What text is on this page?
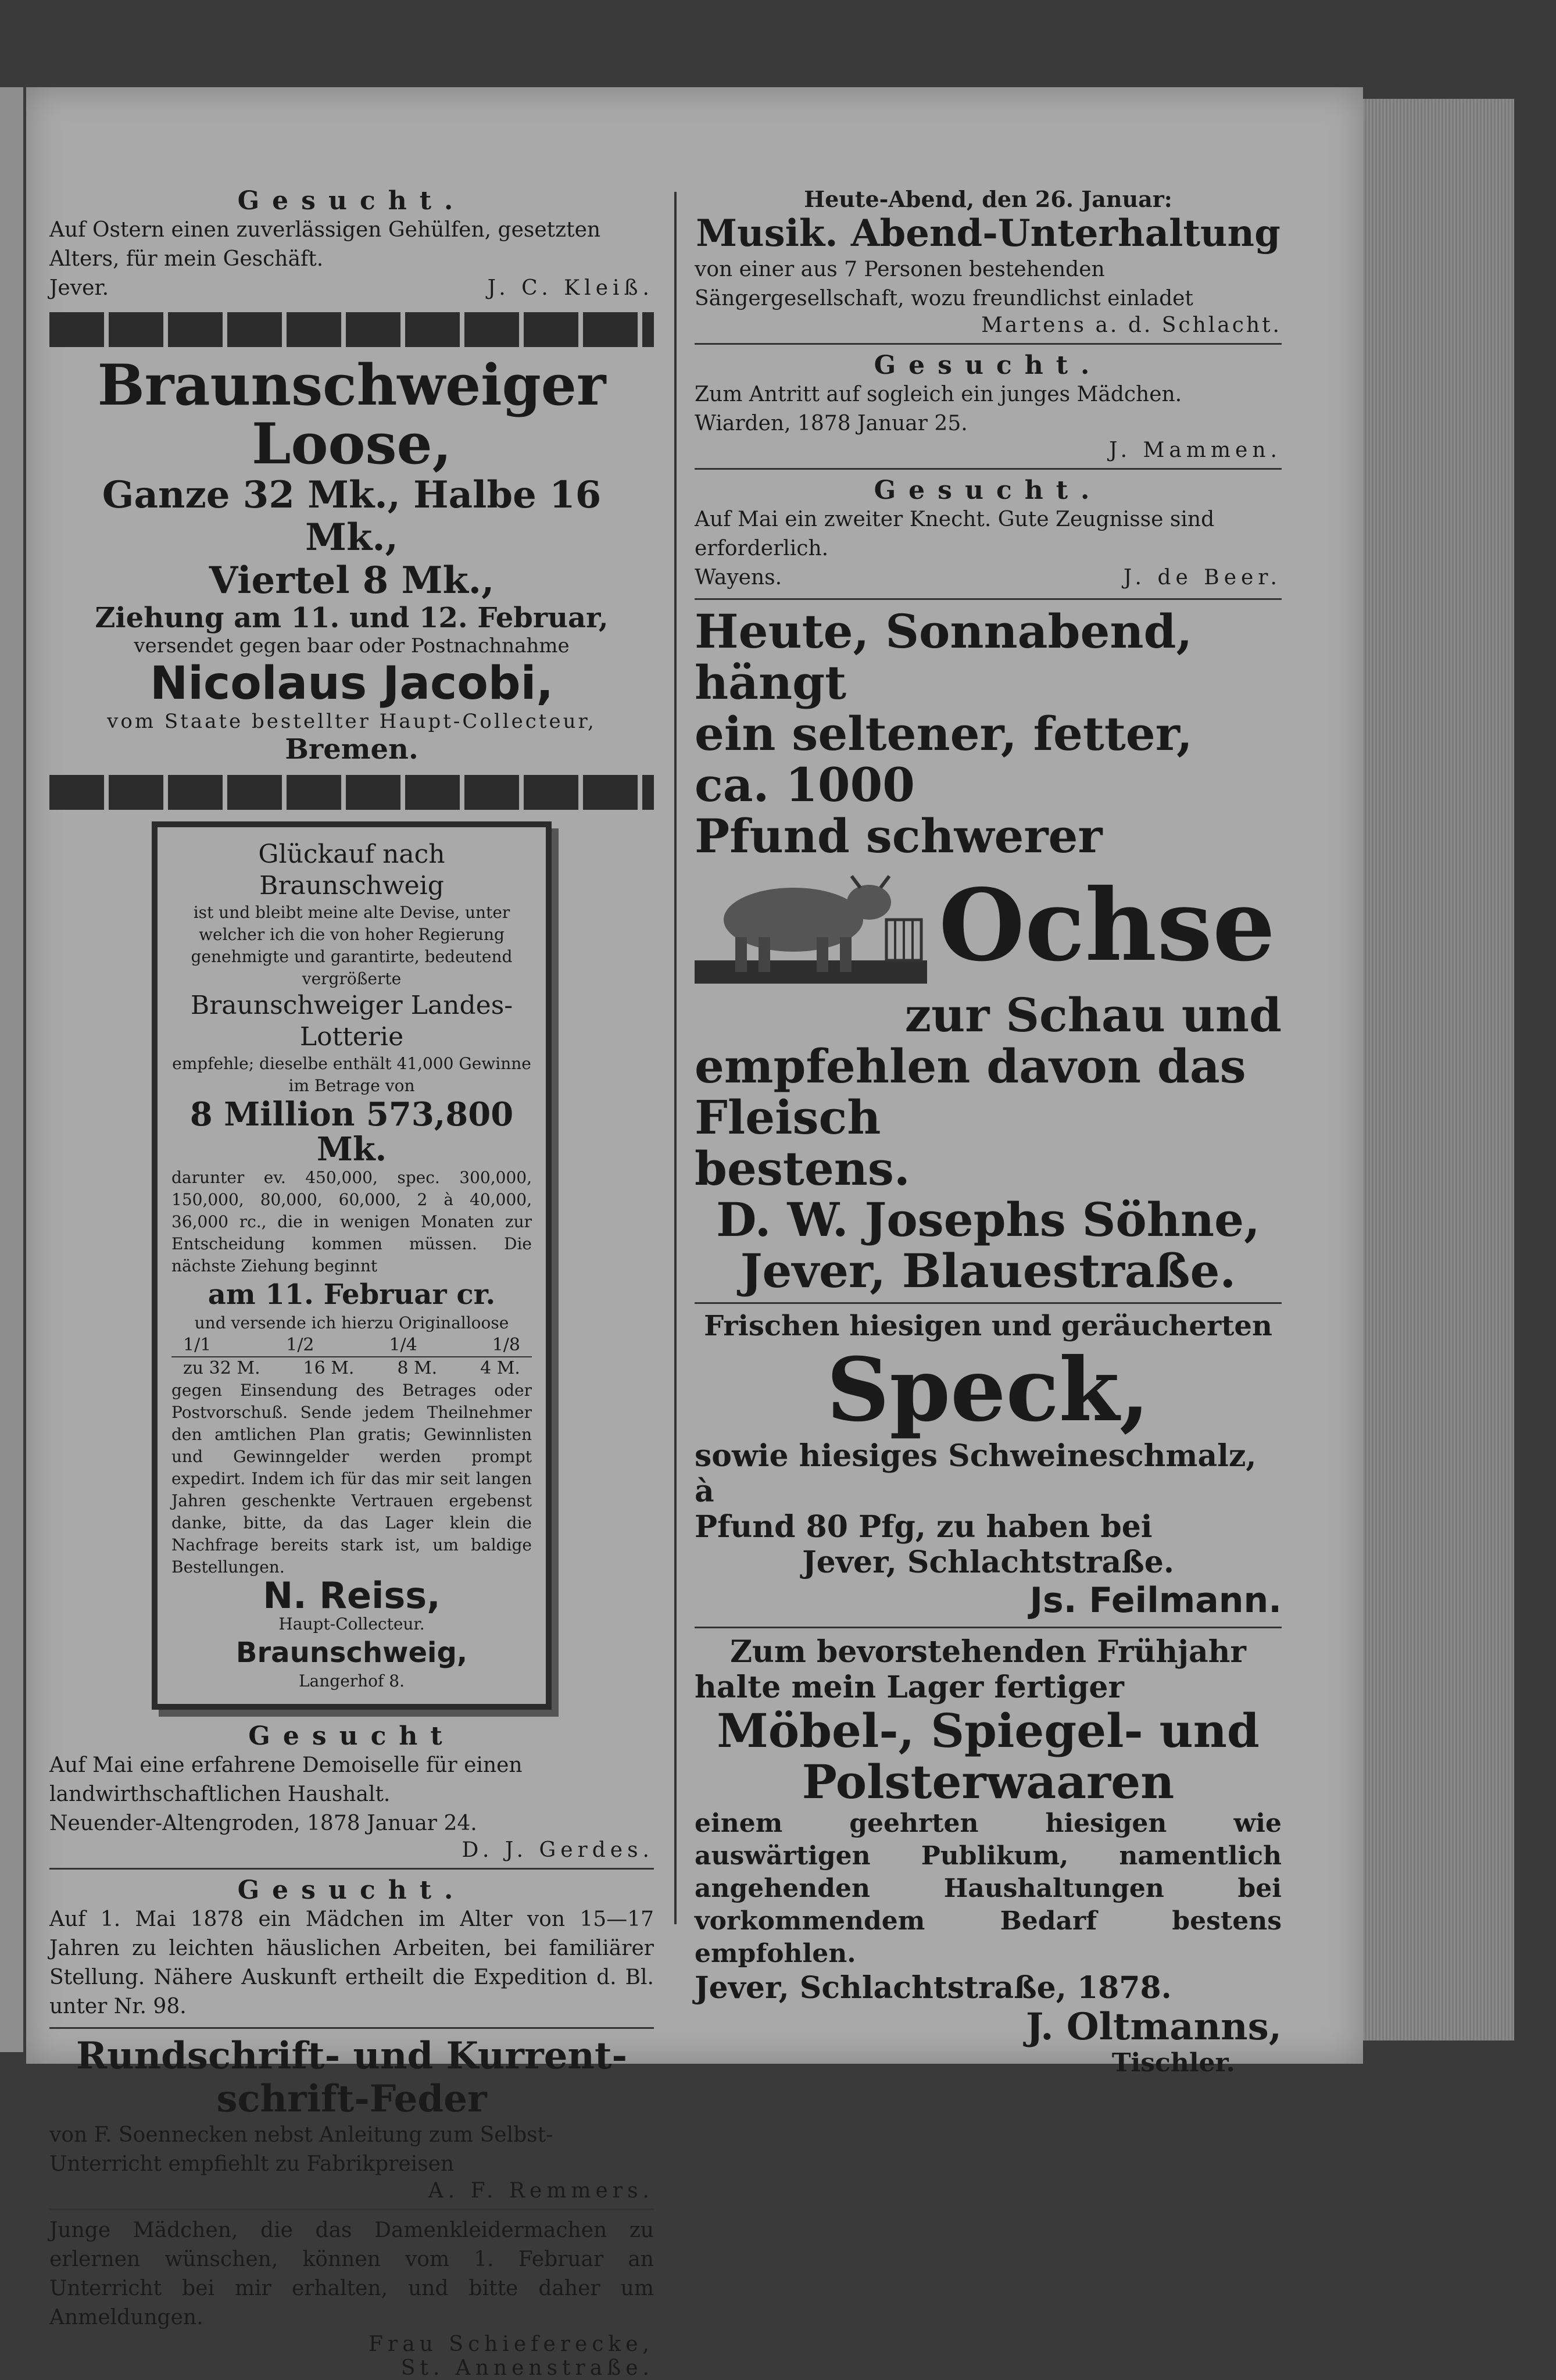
Gesucht.
Auf Ostern einen zuverlässigen Gehülfen, gesetzten Alters, für mein Geschäft.
Jever.	J. C. Kleiß.
Braunschweiger Loose,
Ganze 32 Mk., Halbe 16 Mk.,
Viertel 8 Mk.,
Ziehung am 11. und 12. Februar,
versendet gegen baar oder Postnachnahme
Nicolaus Jacobi,
vom Staate bestellter Haupt-Collecteur,
Bremen.
Glückauf nach Braunschweig
ist und bleibt meine alte Devise, unter welcher ich die von hoher Regierung genehmigte und garantirte, bedeutend vergrößerte
Braunschweiger Landes-Lotterie
empfehle; dieselbe enthält 41,000 Gewinne im Betrage von
8 Million 573,800 Mk.
darunter ev. 450,000, spec. 300,000, 150,000, 80,000, 60,000, 2 à 40,000, 36,000 rc., die in wenigen Monaten zur Entscheidung kommen müssen. Die nächste Ziehung beginnt
am 11. Februar cr.
und versende ich hierzu Originalloose
1/1	1/2	1/4	1/8
zu 32 M. 16 M. 8 M. 4 M.
gegen Einsendung des Betrages oder Postvorschuß. Sende jedem Theilnehmer den amtlichen Plan gratis; Gewinnlisten und Gewinngelder werden prompt expedirt. Indem ich für das mir seit langen Jahren geschenkte Vertrauen ergebenst danke, bitte, da das Lager klein die Nachfrage bereits stark ist, um baldige Bestellungen.
N. Reiss,
Haupt-Collecteur.
Braunschweig,
Langerhof 8.
Gesucht
Auf Mai eine erfahrene Demoiselle für einen landwirthschaftlichen Haushalt.
Neuender-Altengroden, 1878 Januar 24.
D. J. Gerdes.
Gesucht.
Auf 1. Mai 1878 ein Mädchen im Alter von 15—17 Jahren zu leichten häuslichen Arbeiten, bei familiärer Stellung. Nähere Auskunft ertheilt die Expedition d. Bl. unter Nr. 98.
Rundschrift- und Kurrent-
schrift-Feder
von F. Soennecken nebst Anleitung zum Selbst-Unterricht empfiehlt zu Fabrikpreisen
A. F. Remmers.
Junge Mädchen, die das Damenkleidermachen zu erlernen wünschen, können vom 1. Februar an Unterricht bei mir erhalten, und bitte daher um Anmeldungen.
Frau Schieferecke,
St. Annenstraße.
Heute-Abend, den 26. Januar:
Musik. Abend-Unterhaltung
von einer aus 7 Personen bestehenden Sängergesellschaft, wozu freundlichst einladet
Martens a. d. Schlacht.
Gesucht.
Zum Antritt auf sogleich ein junges Mädchen.
Wiarden, 1878 Januar 25.
J. Mammen.
Gesucht.
Auf Mai ein zweiter Knecht. Gute Zeugnisse sind erforderlich.
Wayens.	J. de Beer.
Heute, Sonnabend, hängt
ein seltener, fetter, ca. 1000
Pfund schwerer
Ochse
zur Schau und
empfehlen davon das Fleisch
bestens.
D. W. Josephs Söhne,
Jever, Blauestraße.
Frischen hiesigen und geräucherten
Speck,
sowie hiesiges Schweineschmalz, à
Pfund 80 Pfg, zu haben bei
Jever, Schlachtstraße.
Js. Feilmann.
Zum bevorstehenden Frühjahr
halte mein Lager fertiger
Möbel-, Spiegel- und
Polsterwaaren
einem geehrten hiesigen wie auswärtigen Publikum, namentlich angehenden Haushaltungen bei vorkommendem Bedarf bestens empfohlen.
Jever, Schlachtstraße, 1878.
J. Oltmanns,
Tischler.
